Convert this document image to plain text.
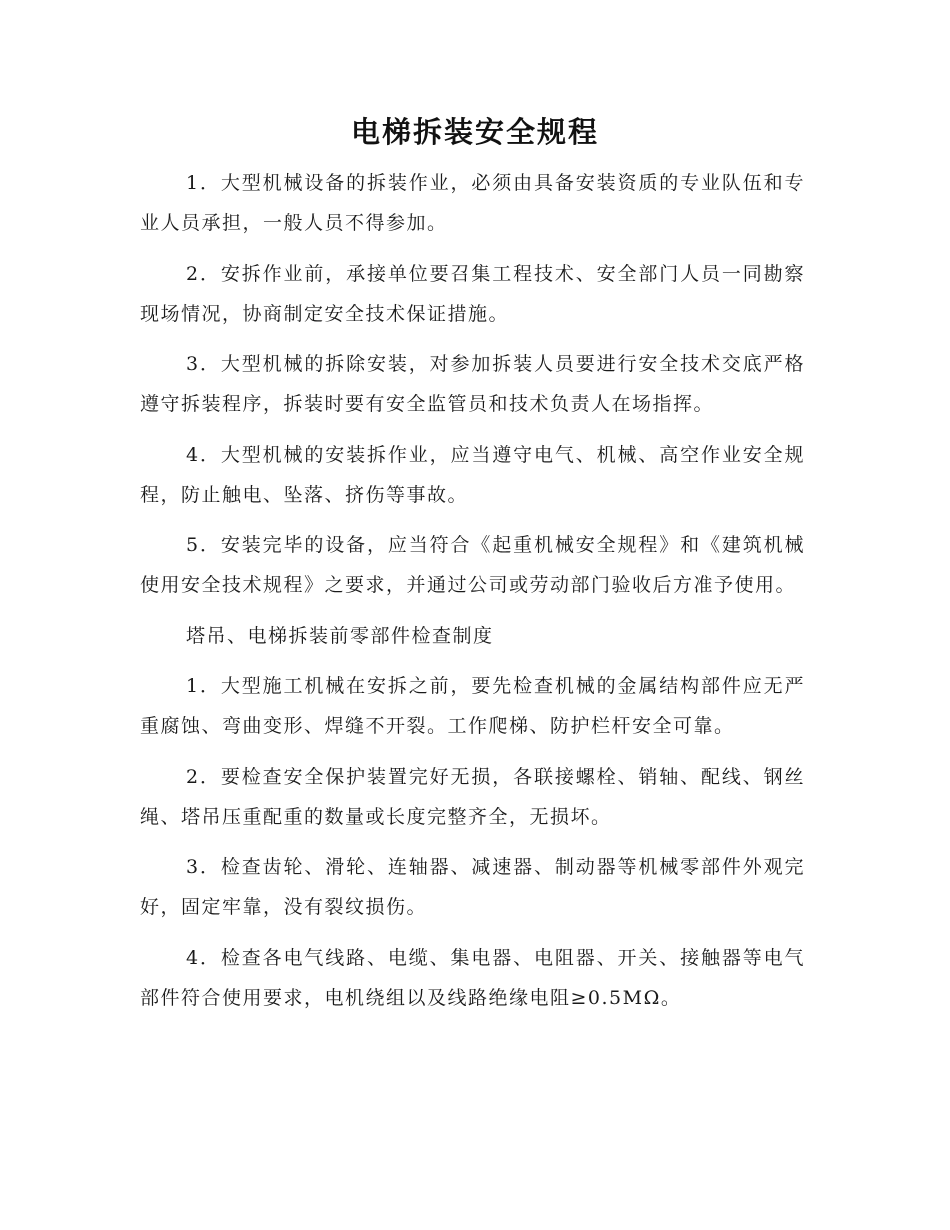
电梯拆装安全规程

1．大型机械设备的拆装作业，必须由具备安装资质的专业队伍和专业人员承担，一般人员不得参加。

2．安拆作业前，承接单位要召集工程技术、安全部门人员一同勘察现场情况，协商制定安全技术保证措施。

3．大型机械的拆除安装，对参加拆装人员要进行安全技术交底严格遵守拆装程序，拆装时要有安全监管员和技术负责人在场指挥。

4．大型机械的安装拆作业，应当遵守电气、机械、高空作业安全规程，防止触电、坠落、挤伤等事故。

5．安装完毕的设备，应当符合《起重机械安全规程》和《建筑机械使用安全技术规程》之要求，并通过公司或劳动部门验收后方准予使用。

塔吊、电梯拆装前零部件检查制度

1．大型施工机械在安拆之前，要先检查机械的金属结构部件应无严重腐蚀、弯曲变形、焊缝不开裂。工作爬梯、防护栏杆安全可靠。

2．要检查安全保护装置完好无损，各联接螺栓、销轴、配线、钢丝绳、塔吊压重配重的数量或长度完整齐全，无损坏。

3．检查齿轮、滑轮、连轴器、减速器、制动器等机械零部件外观完好，固定牢靠，没有裂纹损伤。

4．检查各电气线路、电缆、集电器、电阻器、开关、接触器等电气部件符合使用要求，电机绕组以及线路绝缘电阻≥0.5MΩ。
